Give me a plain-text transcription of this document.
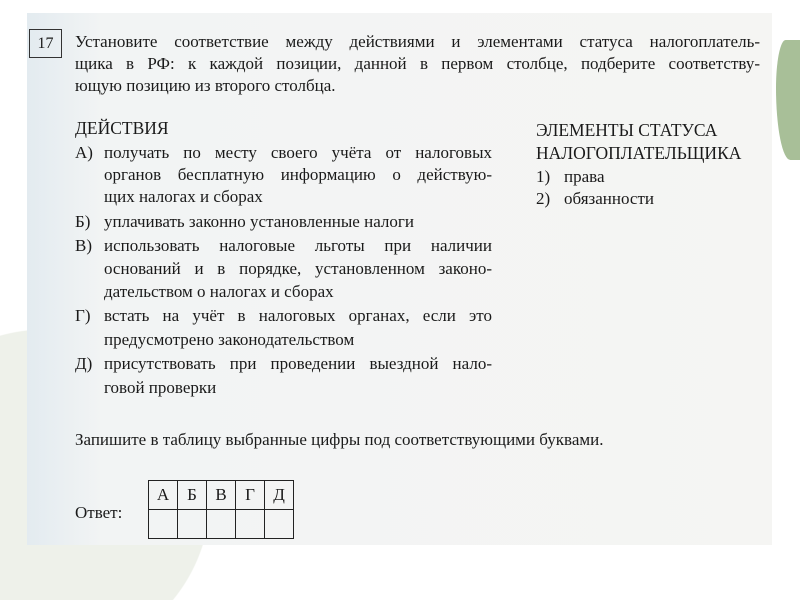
17	Установите соответствие между действиями и элементами статуса налогоплатель-
щика в РФ: к каждой позиции, данной в первом столбце, подберите соответству-
ющую позицию из второго столбца.
ДЕЙСТВИЯ
А) получать по месту своего учёта от налоговых
органов бесплатную информацию о действую-
щих налогах и сборах
Б) уплачивать законно установленные налоги
В) использовать налоговые льготы при наличии
оснований и в порядке, установленном законо-
дательством о налогах и сборах
Г) встать на учёт в налоговых органах, если это
предусмотрено законодательством
Д) присутствовать при проведении выездной нало-
говой проверки
ЭЛЕМЕНТЫ СТАТУСА
НАЛОГОПЛАТЕЛЬЩИКА
1) права
2) обязанности
Запишите в таблицу выбранные цифры под соответствующими буквами.
Ответ:
А	Б	В	Г	Д
